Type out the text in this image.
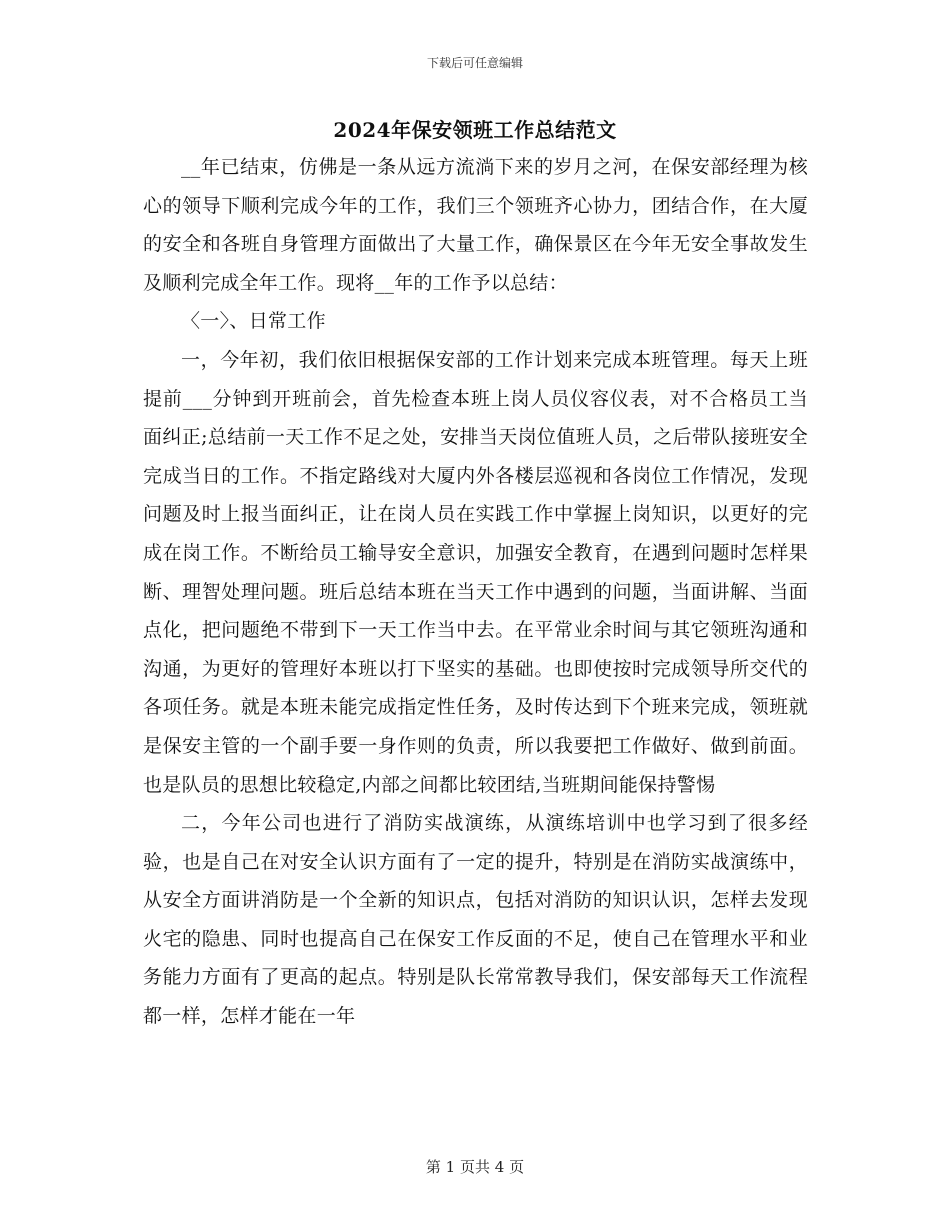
下载后可任意编辑
2024年保安领班工作总结范文

__年已结束，仿佛是一条从远方流淌下来的岁月之河，在保安部经理为核心的领导下顺利完成今年的工作，我们三个领班齐心协力，团结合作，在大厦的安全和各班自身管理方面做出了大量工作，确保景区在今年无安全事故发生及顺利完成全年工作。现将__年的工作予以总结：

〈一〉、日常工作

一，今年初，我们依旧根据保安部的工作计划来完成本班管理。每天上班提前___分钟到开班前会，首先检查本班上岗人员仪容仪表，对不合格员工当面纠正;总结前一天工作不足之处，安排当天岗位值班人员，之后带队接班安全完成当日的工作。不指定路线对大厦内外各楼层巡视和各岗位工作情况，发现问题及时上报当面纠正，让在岗人员在实践工作中掌握上岗知识，以更好的完成在岗工作。不断给员工输导安全意识，加强安全教育，在遇到问题时怎样果断、理智处理问题。班后总结本班在当天工作中遇到的问题，当面讲解、当面点化，把问题绝不带到下一天工作当中去。在平常业余时间与其它领班沟通和沟通，为更好的管理好本班以打下坚实的基础。也即使按时完成领导所交代的各项任务。就是本班未能完成指定性任务，及时传达到下个班来完成，领班就是保安主管的一个副手要一身作则的负责，所以我要把工作做好、做到前面。也是队员的思想比较稳定,内部之间都比较团结,当班期间能保持警惕

二，今年公司也进行了消防实战演练，从演练培训中也学习到了很多经验，也是自己在对安全认识方面有了一定的提升，特别是在消防实战演练中，从安全方面讲消防是一个全新的知识点，包括对消防的知识认识，怎样去发现火宅的隐患、同时也提高自己在保安工作反面的不足，使自己在管理水平和业务能力方面有了更高的起点。特别是队长常常教导我们，保安部每天工作流程都一样，怎样才能在一年

第 1 页共 4 页
